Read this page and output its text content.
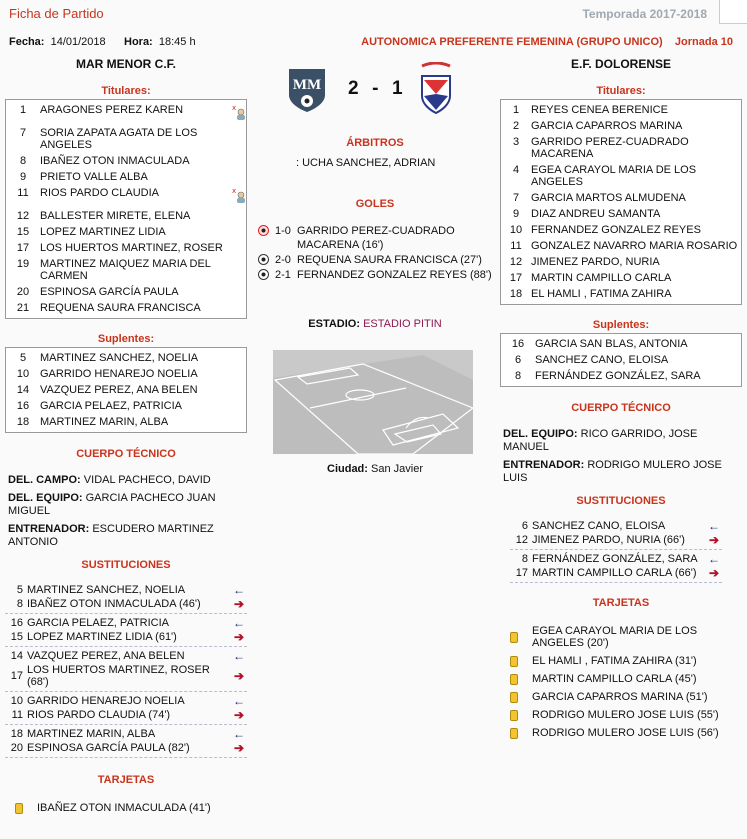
Ficha de Partido	Temporada 2017-2018
Fecha: 14/01/2018 Hora: 18:45 h	AUTONOMICA PREFERENTE FEMENINA (GRUPO UNICO) Jornada 10
MAR MENOR C.F.
Titulares:
1	ARAGONES PEREZ KAREN	x
7	SORIA ZAPATA AGATA DE LOS ANGELES
8	IBAÑEZ OTON INMACULADA
9	PRIETO VALLE ALBA
11	RIOS PARDO CLAUDIA	x
12 BALLESTER MIRETE, ELENA
15 LOPEZ MARTINEZ LIDIA
17 LOS HUERTOS MARTINEZ, ROSER
19 MARTINEZ MAIQUEZ MARIA DEL CARMEN
20 ESPINOSA GARCÍA PAULA
21 REQUENA SAURA FRANCISCA
Suplentes:
5	MARTINEZ SANCHEZ, NOELIA
10 GARRIDO HENAREJO NOELIA
14 VAZQUEZ PEREZ, ANA BELEN
16 GARCIA PELAEZ, PATRICIA
18 MARTINEZ MARIN, ALBA
CUERPO TÉCNICO
DEL. CAMPO: VIDAL PACHECO, DAVID
DEL. EQUIPO: GARCIA PACHECO JUAN MIGUEL
ENTRENADOR: ESCUDERO MARTINEZ ANTONIO
SUSTITUCIONES
5 MARTINEZ SANCHEZ, NOELIA	←
8 IBAÑEZ OTON INMACULADA (46')	➔
16 GARCIA PELAEZ, PATRICIA	←
15 LOPEZ MARTINEZ LIDIA (61')	➔
14 VAZQUEZ PEREZ, ANA BELEN	←
17 LOS HUERTOS MARTINEZ, ROSER (68')	➔
10 GARRIDO HENAREJO NOELIA	←
11 RIOS PARDO CLAUDIA (74')	➔
18 MARTINEZ MARIN, ALBA	←
20 ESPINOSA GARCÍA PAULA (82')	➔
TARJETAS
IBAÑEZ OTON INMACULADA (41')
MM 2 - 1
ÁRBITROS
: UCHA SANCHEZ, ADRIAN
GOLES
1-0 GARRIDO PEREZ-CUADRADO MACARENA (16')
2-0 REQUENA SAURA FRANCISCA (27')
2-1 FERNANDEZ GONZALEZ REYES (88')
ESTADIO: ESTADIO PITIN
Ciudad: San Javier
E.F. DOLORENSE
Titulares:
1	REYES CENEA BERENICE
2	GARCIA CAPARROS MARINA
3	GARRIDO PEREZ-CUADRADO MACARENA
4	EGEA CARAYOL MARIA DE LOS ANGELES
7	GARCIA MARTOS ALMUDENA
9	DIAZ ANDREU SAMANTA
10 FERNANDEZ GONZALEZ REYES
11 GONZALEZ NAVARRO MARIA ROSARIO
12 JIMENEZ PARDO, NURIA
17 MARTIN CAMPILLO CARLA
18 EL HAMLI , FATIMA ZAHIRA
Suplentes:
16 GARCIA SAN BLAS, ANTONIA
6	SANCHEZ CANO, ELOISA
8	FERNÁNDEZ GONZÁLEZ, SARA
CUERPO TÉCNICO
DEL. EQUIPO: RICO GARRIDO, JOSE MANUEL
ENTRENADOR: RODRIGO MULERO JOSE LUIS
SUSTITUCIONES
6 SANCHEZ CANO, ELOISA	←
12 JIMENEZ PARDO, NURIA (66')	➔
8 FERNÁNDEZ GONZÁLEZ, SARA ←
17 MARTIN CAMPILLO CARLA (66')	➔
TARJETAS
EGEA CARAYOL MARIA DE LOS ANGELES (20')
EL HAMLI , FATIMA ZAHIRA (31')
MARTIN CAMPILLO CARLA (45')
GARCIA CAPARROS MARINA (51')
RODRIGO MULERO JOSE LUIS (55')
RODRIGO MULERO JOSE LUIS (56')
